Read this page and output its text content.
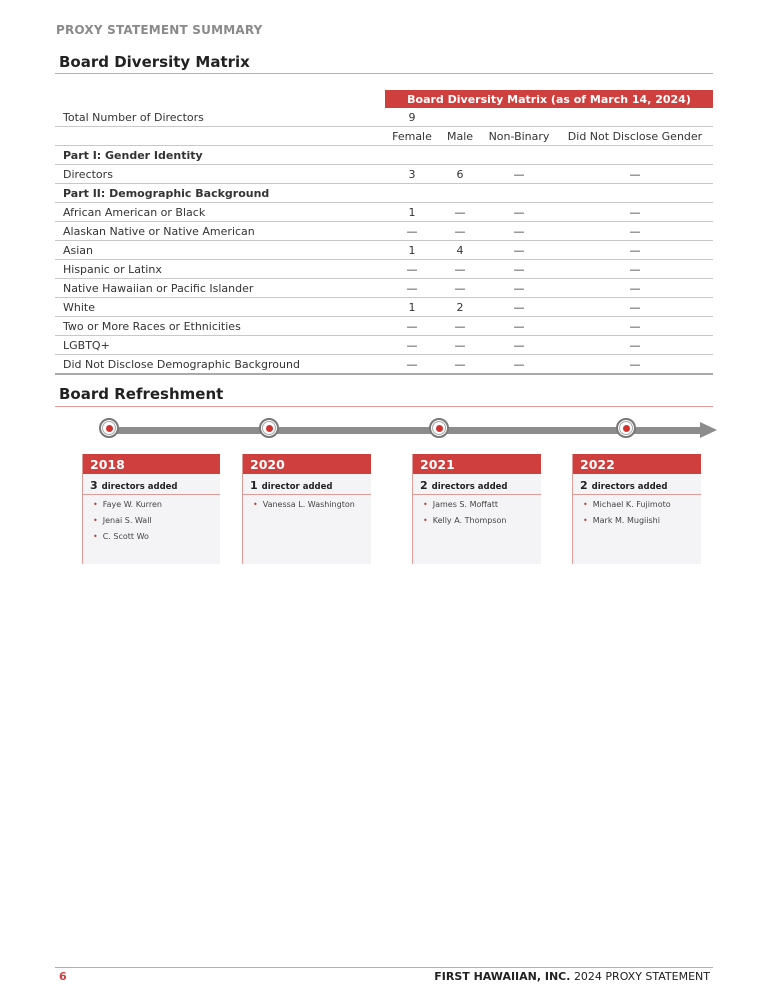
PROXY STATEMENT SUMMARY
Board Diversity Matrix
	Board Diversity Matrix (as of March 14, 2024)			
Total Number of Directors	9			
	Female	Male	Non-Binary	Did Not Disclose Gender
Part I: Gender Identity				
Directors	3	6	—	—
Part II: Demographic Background				
African American or Black	1	—	—	—
Alaskan Native or Native American	—	—	—	—
Asian	1	4	—	—
Hispanic or Latinx	—	—	—	—
Native Hawaiian or Pacific Islander	—	—	—	—
White	1	2	—	—
Two or More Races or Ethnicities	—	—	—	—
LGBTQ+	—	—	—	—
Did Not Disclose Demographic Background	—	—	—	—
Board Refreshment
2018
3 directors added
• Faye W. Kurren
• Jenai S. Wall
• C. Scott Wo
2020
1 director added
• Vanessa L. Washington
2021
2 directors added
• James S. Moffatt
• Kelly A. Thompson
2022
2 directors added
• Michael K. Fujimoto
• Mark M. Mugiishi
6	FIRST HAWAIIAN, INC. 2024 PROXY STATEMENT
